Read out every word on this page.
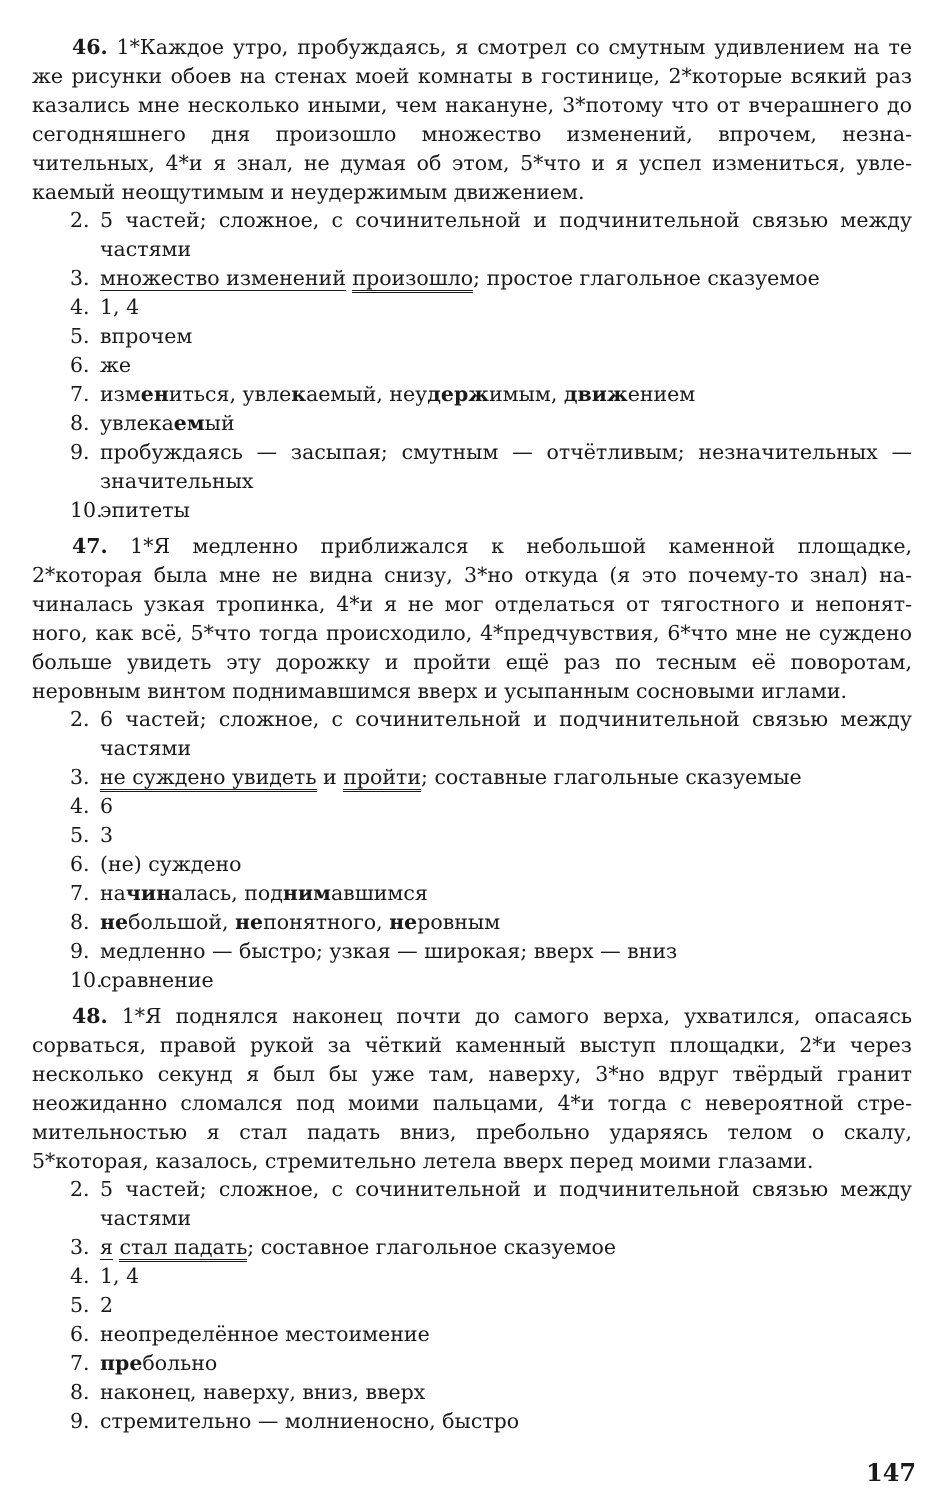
46. 1*Каждое утро, пробуждаясь, я смотрел со смутным удивлением на те же рисунки обоев на стенах моей комнаты в гостинице, 2*которые всякий раз казались мне несколько иными, чем накануне, 3*потому что от вчерашнего до сегодняшнего дня произошло множество изменений, впрочем, незначительных, 4*и я знал, не думая об этом, 5*что и я успел измениться, увлекаемый неощутимым и неудержимым движением.

2. 5 частей; сложное, с сочинительной и подчинительной связью между частями
3. множество изменений произошло; простое глагольное сказуемое
4. 1, 4
5. впрочем
6. же
7. измениться, увлекаемый, неудержимым, движением
8. увлекаемый
9. пробуждаясь — засыпая; смутным — отчётливым; незначительных — значительных
10.
эпитеты

47. 1*Я медленно приближался к небольшой каменной площадке, 2*которая была мне не видна снизу, 3*но откуда (я это почему-то знал) начиналась узкая тропинка, 4*и я не мог отделаться от тягостного и непонятного, как всё, 5*что тогда происходило, 4*предчувствия, 6*что мне не суждено больше увидеть эту дорожку и пройти ещё раз по тесным её поворотам, неровным винтом поднимавшимся вверх и усыпанным сосновыми иглами.

2. 6 частей; сложное, с сочинительной и подчинительной связью между частями
3. не суждено увидеть и пройти; составные глагольные сказуемые
4. 6
5. 3
6. (не) суждено
7. начиналась, поднимавшимся
8. небольшой, непонятного, неровным
9. медленно — быстро; узкая — широкая; вверх — вниз
10.
сравнение

48. 1*Я поднялся наконец почти до самого верха, ухватился, опасаясь сорваться, правой рукой за чёткий каменный выступ площадки, 2*и через несколько секунд я был бы уже там, наверху, 3*но вдруг твёрдый гранит неожиданно сломался под моими пальцами, 4*и тогда с невероятной стремительностью я стал падать вниз, пребольно ударяясь телом о скалу, 5*которая, казалось, стремительно летела вверх перед моими глазами.

2. 5 частей; сложное, с сочинительной и подчинительной связью между частями
3. я стал падать; составное глагольное сказуемое
4. 1, 4
5. 2
6. неопределённое местоимение
7. пребольно
8. наконец, наверху, вниз, вверх
9. стремительно — молниеносно, быстро
147
